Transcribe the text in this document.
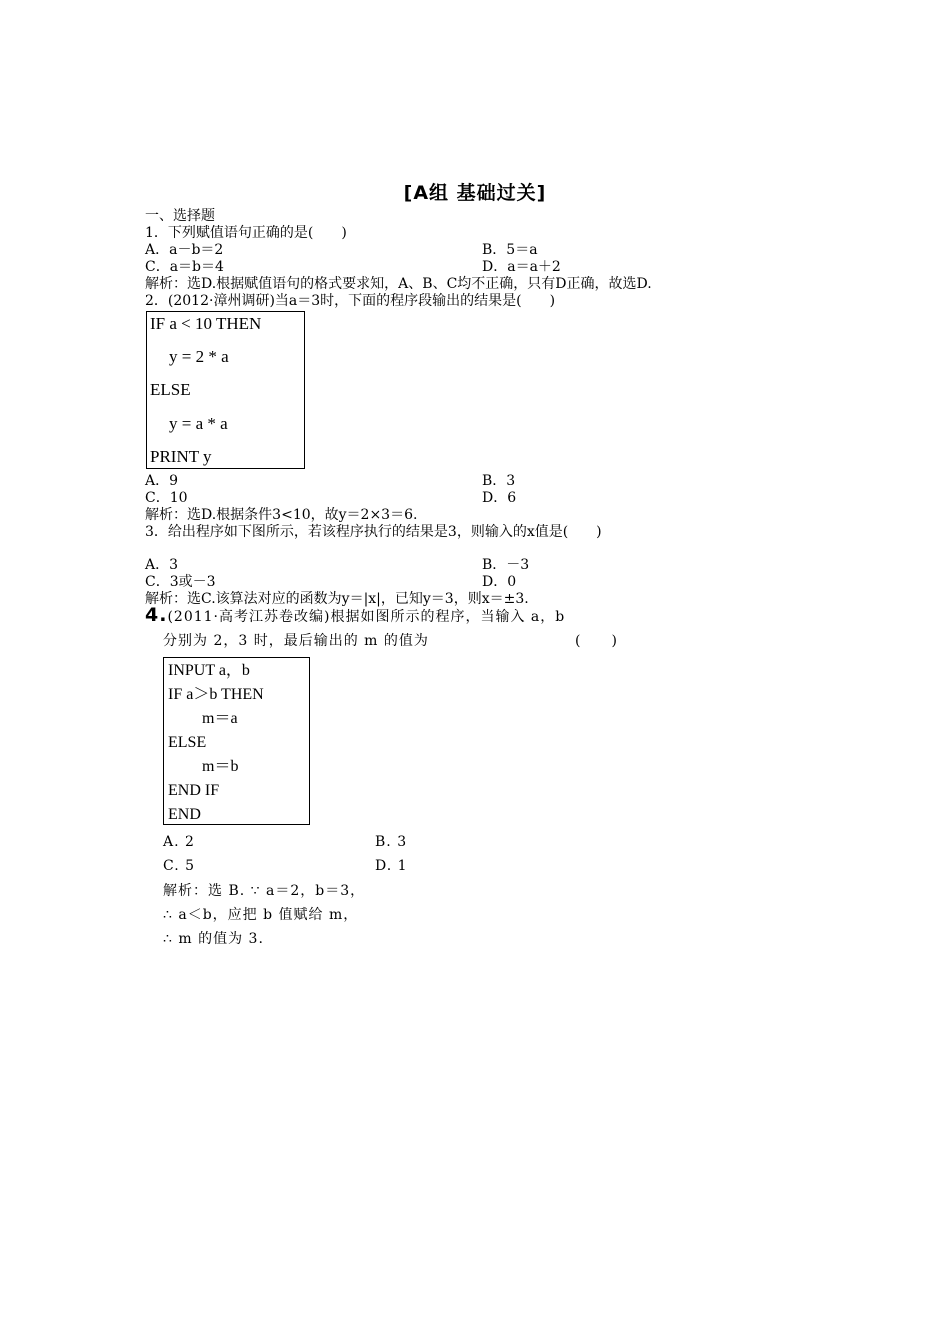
[A组 基础过关]
一、选择题
1．下列赋值语句正确的是(　　)
A．a－b＝2	B．5＝a
C．a＝b＝4	D．a＝a＋2
解析：选D.根据赋值语句的格式要求知，A、B、C均不正确，只有D正确，故选D.
2．(2012·漳州调研)当a＝3时，下面的程序段输出的结果是(　　)
IF a < 10 THEN
y = 2 * a
ELSE
y = a * a
PRINT y
A．9	B．3
C．10	D．6
解析：选D.根据条件3<10，故y＝2×3＝6.
3．给出程序如下图所示，若该程序执行的结果是3，则输入的x值是(　　)
A．3	B．－3
C．3或－3	D．0
解析：选C.该算法对应的函数为y＝|x|，已知y＝3，则x＝±3.
4.(2011·高考江苏卷改编)根据如图所示的程序，当输入 a，b
分别为 2，3 时，最后输出的 m 的值为	(　　)
INPUT a，b
IF a＞b THEN
m＝a
ELSE
m＝b
END IF
END
A. 2	B. 3
C. 5	D. 1
解析：选 B. ∵ a＝2，b＝3，
∴ a＜b，应把 b 值赋给 m，
∴ m 的值为 3.
